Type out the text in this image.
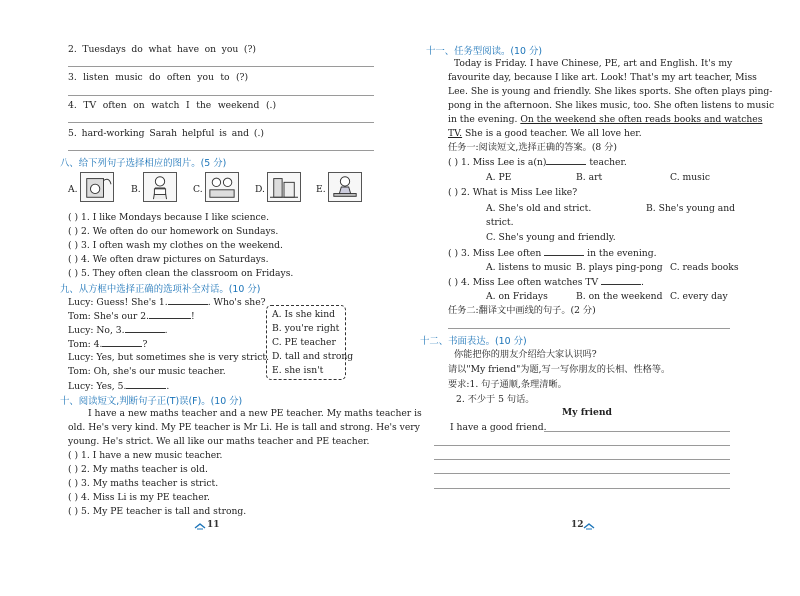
2. Tuesdays do what have on you (?)
3. listen music do often you to (?)
4. TV often on watch I the weekend (.)
5. hard-working Sarah helpful is and (.)
八、给下列句子选择相应的图片。(5 分)
A.	B.	C.	D.	E.
( ) 1. I like Mondays because I like science.
( ) 2. We often do our homework on Sundays.
( ) 3. I often wash my clothes on the weekend.
( ) 4. We often draw pictures on Saturdays.
( ) 5. They often clean the classroom on Fridays.
九、从方框中选择正确的选项补全对话。(10 分)
Lucy: Guess! She's 1.	. Who's she?
Tom: She's our 2.	!
Lucy: No, 3.	.
Tom: 4.	?
Lucy: Yes, but sometimes she is very strict.
Tom: Oh, she's our music teacher.
Lucy: Yes, 5.	.
A. Is she kind
B. you're right
C. PE teacher
D. tall and strong
E. she isn't
十、阅读短文,判断句子正(T)误(F)。(10 分)
I have a new maths teacher and a new PE teacher. My maths teacher is
old. He's very kind. My PE teacher is Mr Li. He is tall and strong. He's very
young. He's strict. We all like our maths teacher and PE teacher.
( ) 1. I have a new music teacher.
( ) 2. My maths teacher is old.
( ) 3. My maths teacher is strict.
( ) 4. Miss Li is my PE teacher.
( ) 5. My PE teacher is tall and strong.
11
十一、任务型阅读。(10 分)
Today is Friday. I have Chinese, PE, art and English. It's my
favourite day, because I like art. Look! That's my art teacher, Miss
Lee. She is young and friendly. She likes sports. She often plays ping-
pong in the afternoon. She likes music, too. She often listens to music
in the evening. On the weekend she often reads books and watches
TV. She is a good teacher. We all love her.
任务一:阅读短文,选择正确的答案。(8 分)
( ) 1. Miss Lee is a(n)	teacher.
A. PE	B. art	C. music
( ) 2. What is Miss Lee like?
A. She's old and strict.	B. She's young and
strict.
C. She's young and friendly.
( ) 3. Miss Lee often	in the evening.
A. listens to music B. plays ping-pong C. reads books
( ) 4. Miss Lee often watches TV	.
A. on Fridays	B. on the weekend C. every day
任务二:翻译文中画线的句子。(2 分)
十二、书面表达。(10 分)
你能把你的朋友介绍给大家认识吗?
请以"My friend"为题,写一写你朋友的长相、性格等。
要求:1. 句子通顺,条理清晰。
2. 不少于 5 句话。
My friend
I have a good friend.
12
